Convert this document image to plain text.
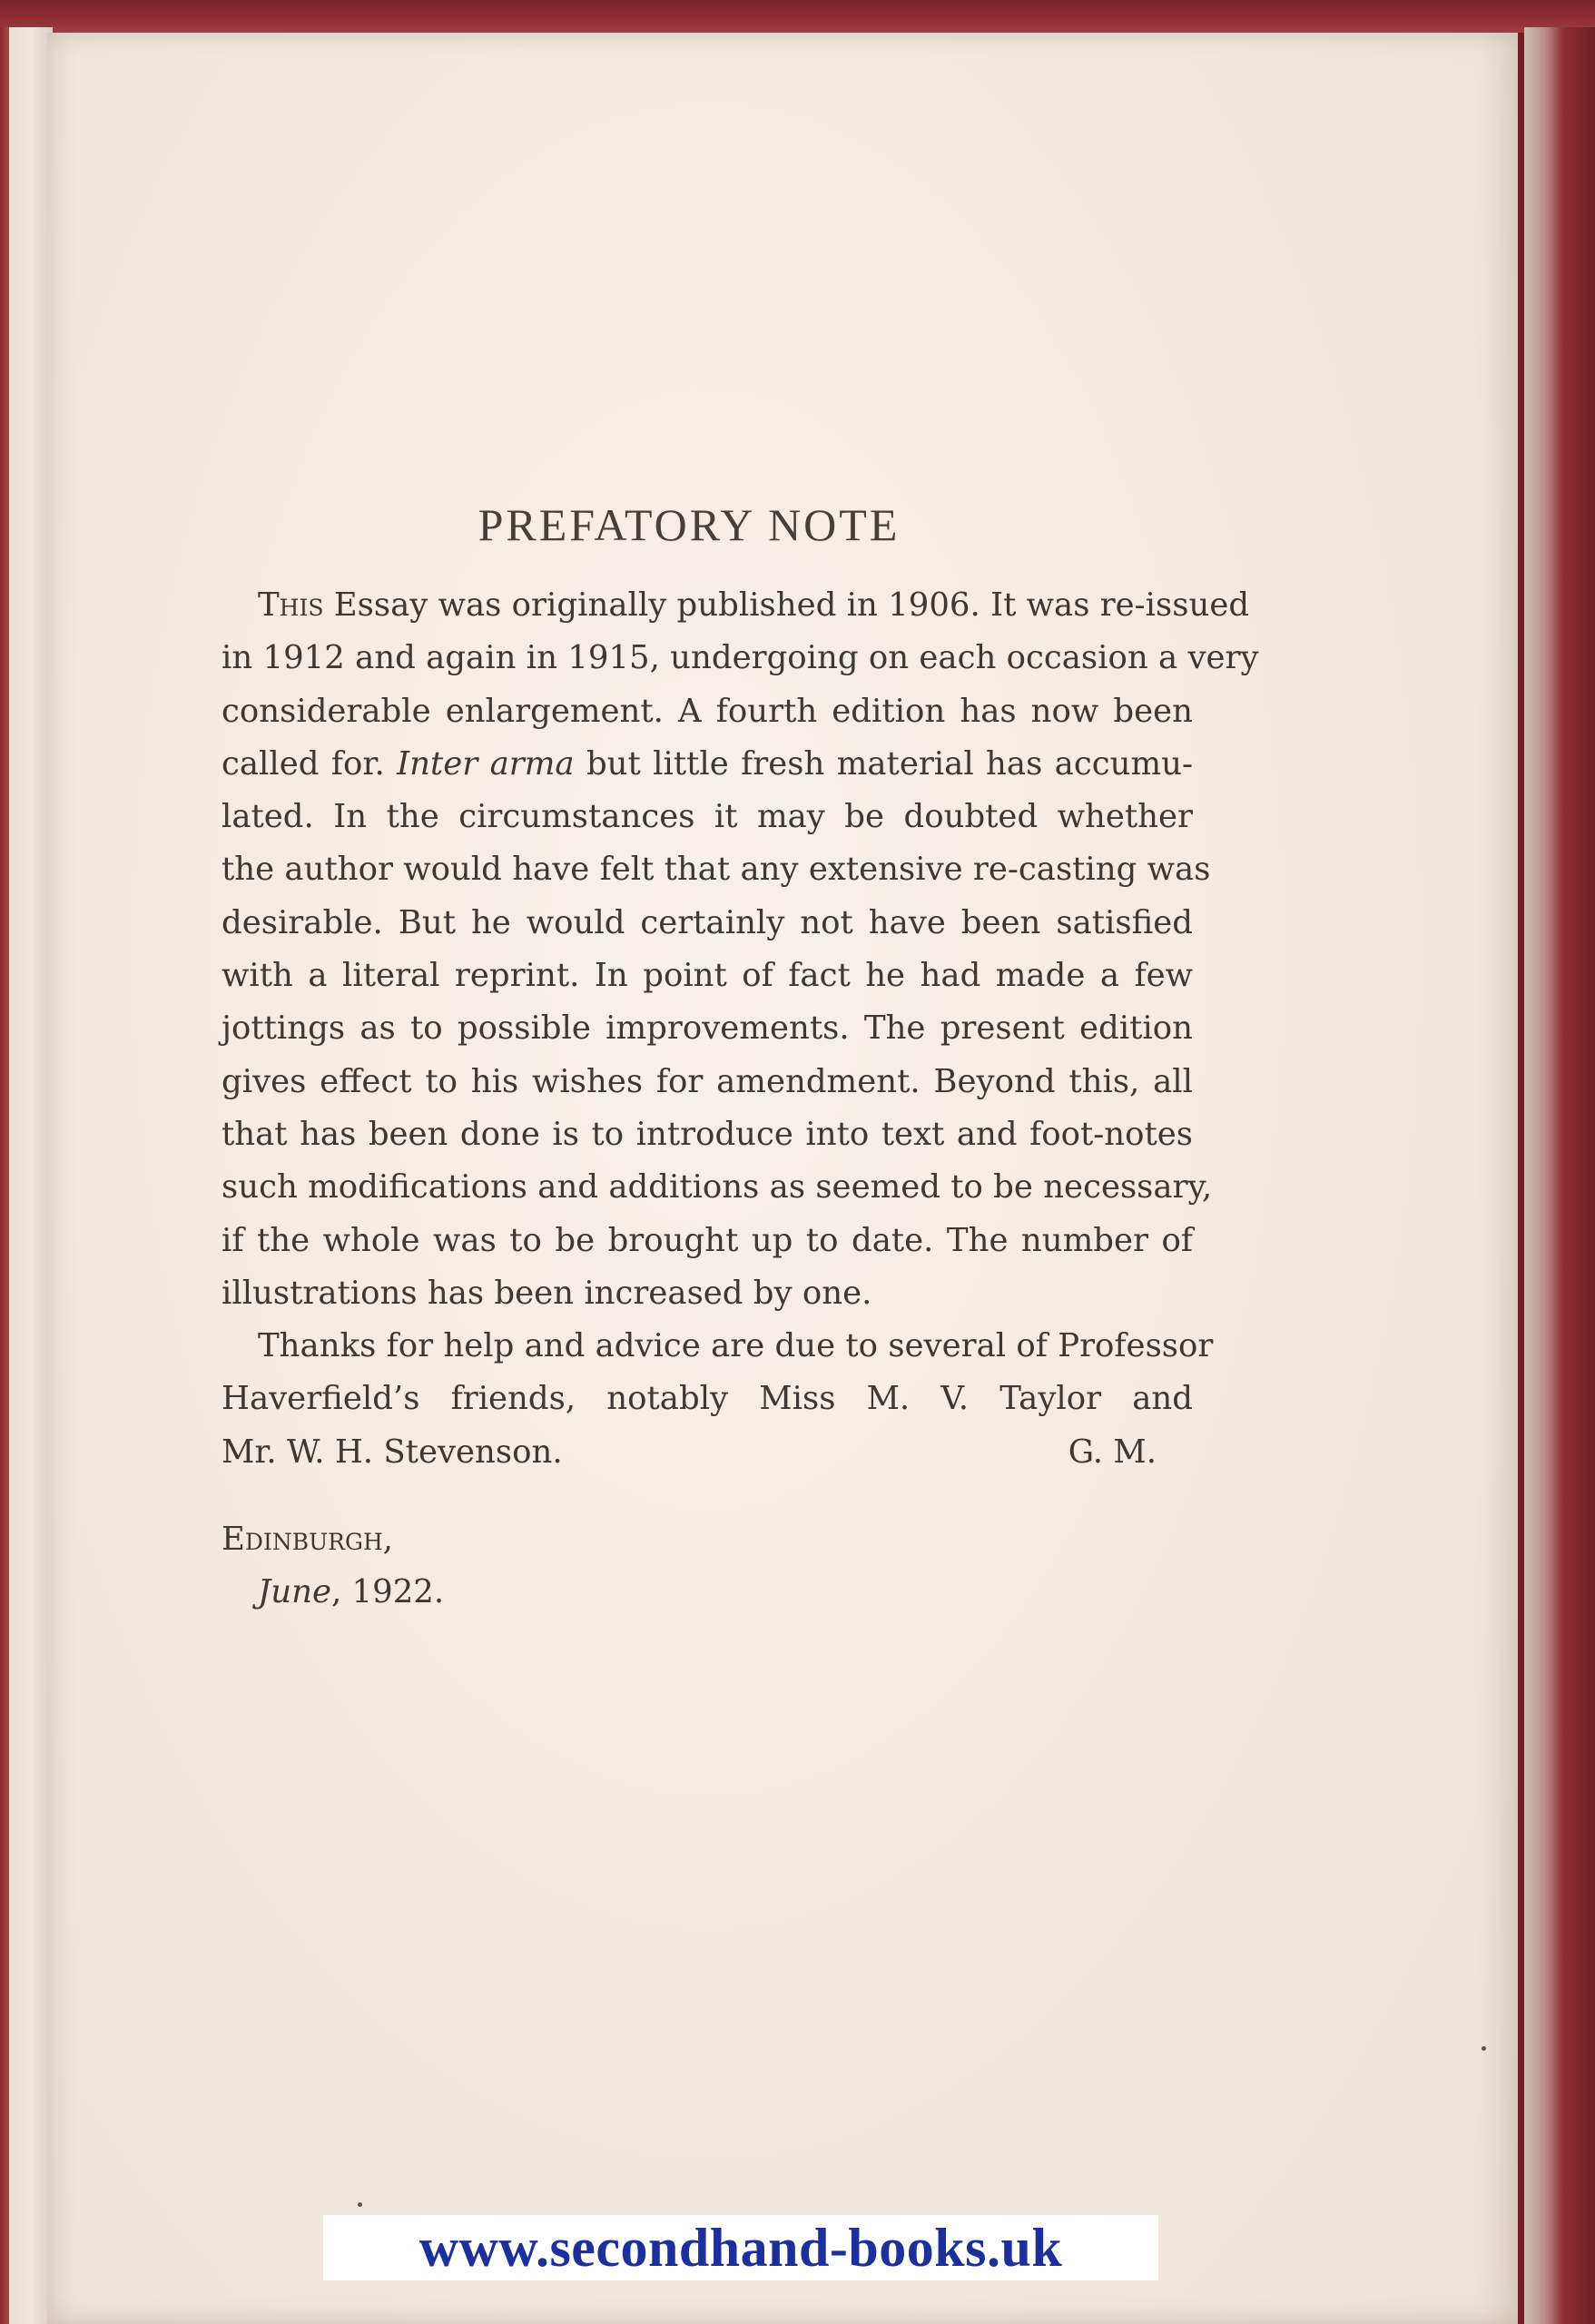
PREFATORY NOTE
This Essay was originally published in 1906. It was re-issued
in 1912 and again in 1915, undergoing on each occasion a very
considerable enlargement. A fourth edition has now been
called for. Inter arma but little fresh material has accumu-
lated. In the circumstances it may be doubted whether
the author would have felt that any extensive re-casting was
desirable. But he would certainly not have been satisfied
with a literal reprint. In point of fact he had made a few
jottings as to possible improvements. The present edition
gives effect to his wishes for amendment. Beyond this, all
that has been done is to introduce into text and foot-notes
such modifications and additions as seemed to be necessary,
if the whole was to be brought up to date. The number of
illustrations has been increased by one.
Thanks for help and advice are due to several of Professor
Haverfield’s friends, notably Miss M. V. Taylor and
Mr. W. H. Stevenson.	G. M.
Edinburgh,
June, 1922.
www.secondhand-books.uk
